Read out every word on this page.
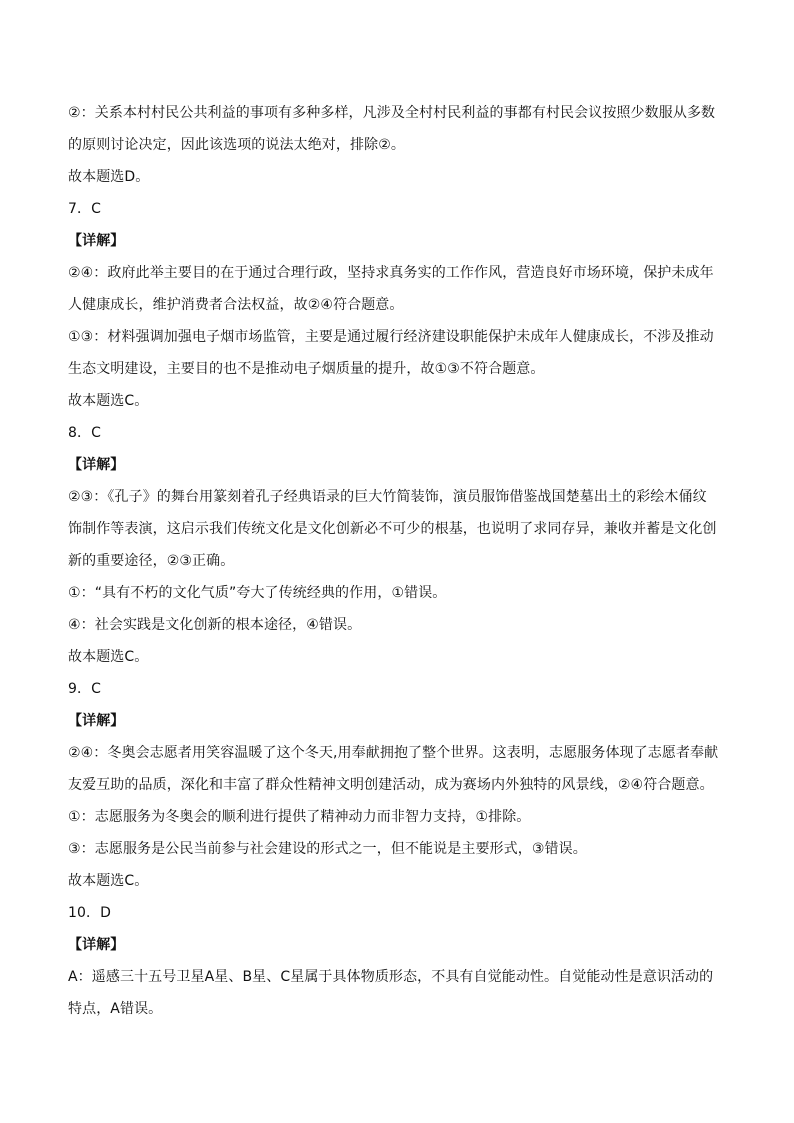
②：关系本村村民公共利益的事项有多种多样，凡涉及全村村民利益的事都有村民会议按照少数服从多数
的原则讨论决定，因此该选项的说法太绝对，排除②。
故本题选D。
7．C
【详解】
②④：政府此举主要目的在于通过合理行政，坚持求真务实的工作作风，营造良好市场环境，保护未成年
人健康成长，维护消费者合法权益，故②④符合题意。
①③：材料强调加强电子烟市场监管，主要是通过履行经济建设职能保护未成年人健康成长，不涉及推动
生态文明建设，主要目的也不是推动电子烟质量的提升，故①③不符合题意。
故本题选C。
8．C
【详解】
②③：《孔子》的舞台用篆刻着孔子经典语录的巨大竹简装饰，演员服饰借鉴战国楚墓出土的彩绘木俑纹
饰制作等表演，这启示我们传统文化是文化创新必不可少的根基，也说明了求同存异，兼收并蓄是文化创
新的重要途径，②③正确。
①：“具有不朽的文化气质”夸大了传统经典的作用，①错误。
④：社会实践是文化创新的根本途径，④错误。
故本题选C。
9．C
【详解】
②④：冬奥会志愿者用笑容温暖了这个冬天,用奉献拥抱了整个世界。这表明，志愿服务体现了志愿者奉献
友爱互助的品质，深化和丰富了群众性精神文明创建活动，成为赛场内外独特的风景线，②④符合题意。
①：志愿服务为冬奥会的顺利进行提供了精神动力而非智力支持，①排除。
③：志愿服务是公民当前参与社会建设的形式之一，但不能说是主要形式，③错误。
故本题选C。
10．D
【详解】
A：遥感三十五号卫星A星、B星、C星属于具体物质形态，不具有自觉能动性。自觉能动性是意识活动的
特点，A错误。
